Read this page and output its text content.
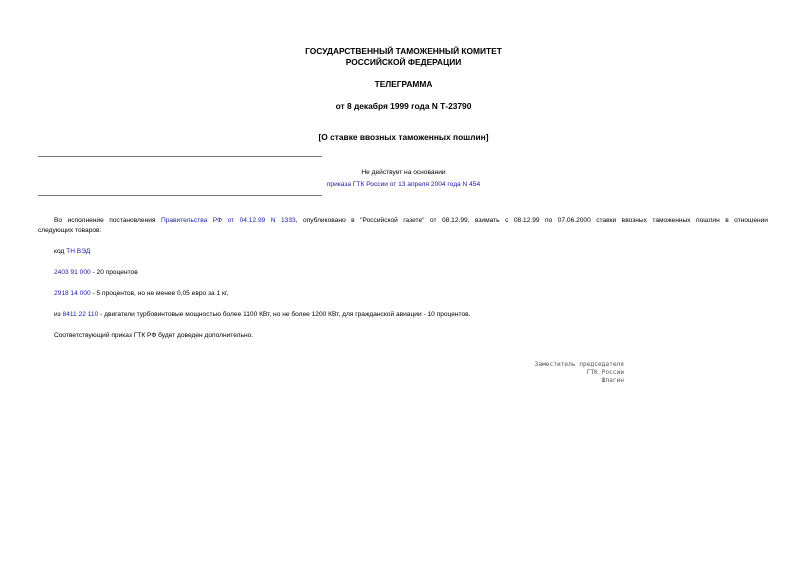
ГОСУДАРСТВЕННЫЙ ТАМОЖЕННЫЙ КОМИТЕТ
РОССИЙСКОЙ ФЕДЕРАЦИИ
ТЕЛЕГРАММА
от 8 декабря 1999 года N Т-23790
[О ставке ввозных таможенных пошлин]
Не действует на основании
приказа ГТК России от 13 апреля 2004 года N 454
Во исполнение постановления Правительства РФ от 04.12.99 N 1333, опубликовано в "Российской газете" от 08.12.99, взимать с 08.12.99 по 07.06.2000 ставки ввозных таможенных пошлин в отношении
следующих товаров:
код ТН ВЭД
2403 91 000 - 20 процентов
2918 14 000 - 5 процентов, но не менее 0,05 евро за 1 кг,
из 8411 22 110 - двигатели турбовинтовые мощностью более 1100 КВт, но не более 1200 КВт, для гражданской авиации - 10 процентов.
Соответствующий приказ ГТК РФ будет доведен дополнительно.
Заместитель председателя
ГТК России
Шпагин
